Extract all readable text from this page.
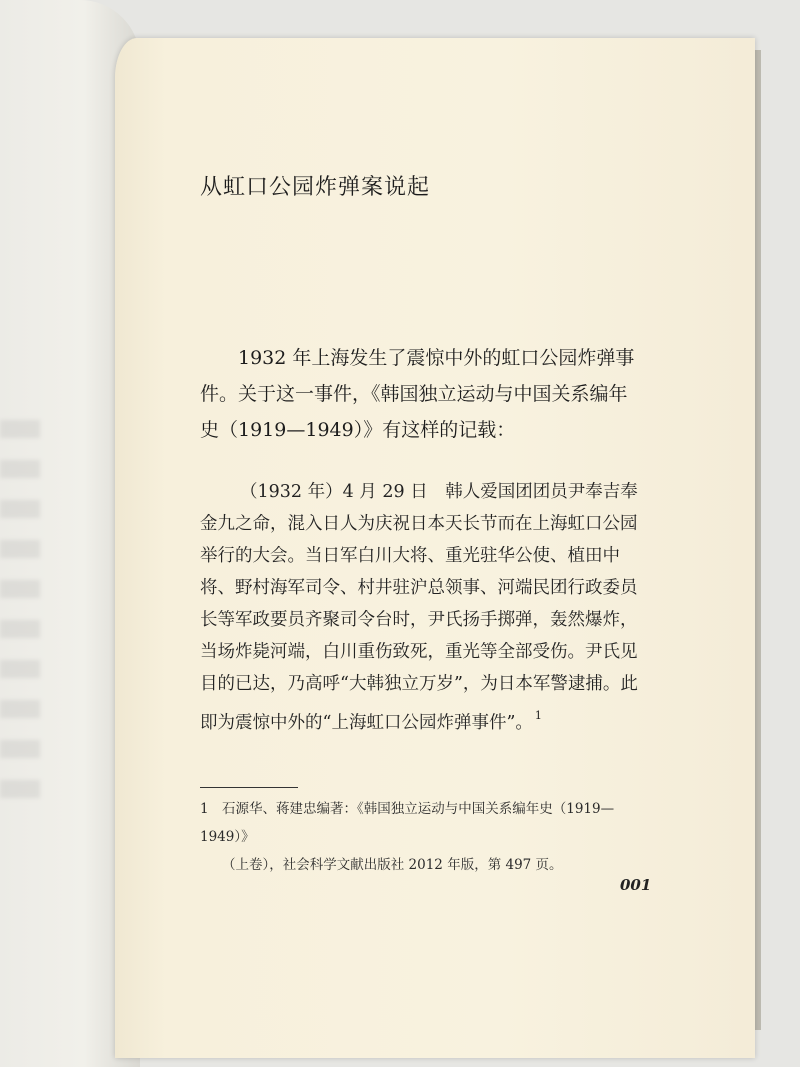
从虹口公园炸弹案说起

1932 年上海发生了震惊中外的虹口公园炸弹事件。关于这一事件，《韩国独立运动与中国关系编年史（1919—1949）》有这样的记载：

（1932 年）4 月 29 日　韩人爱国团团员尹奉吉奉金九之命，混入日人为庆祝日本天长节而在上海虹口公园举行的大会。当日军白川大将、重光驻华公使、植田中将、野村海军司令、村井驻沪总领事、河端民团行政委员长等军政要员齐聚司令台时，尹氏扬手掷弹，轰然爆炸，当场炸毙河端，白川重伤致死，重光等全部受伤。尹氏见目的已达，乃高呼“大韩独立万岁”，为日本军警逮捕。此即为震惊中外的“上海虹口公园炸弹事件”。 $^1$

1 石源华、蒋建忠编著：《韩国独立运动与中国关系编年史（1919—1949）》
（上卷），社会科学文献出版社 2012 年版，第 497 页。
001
